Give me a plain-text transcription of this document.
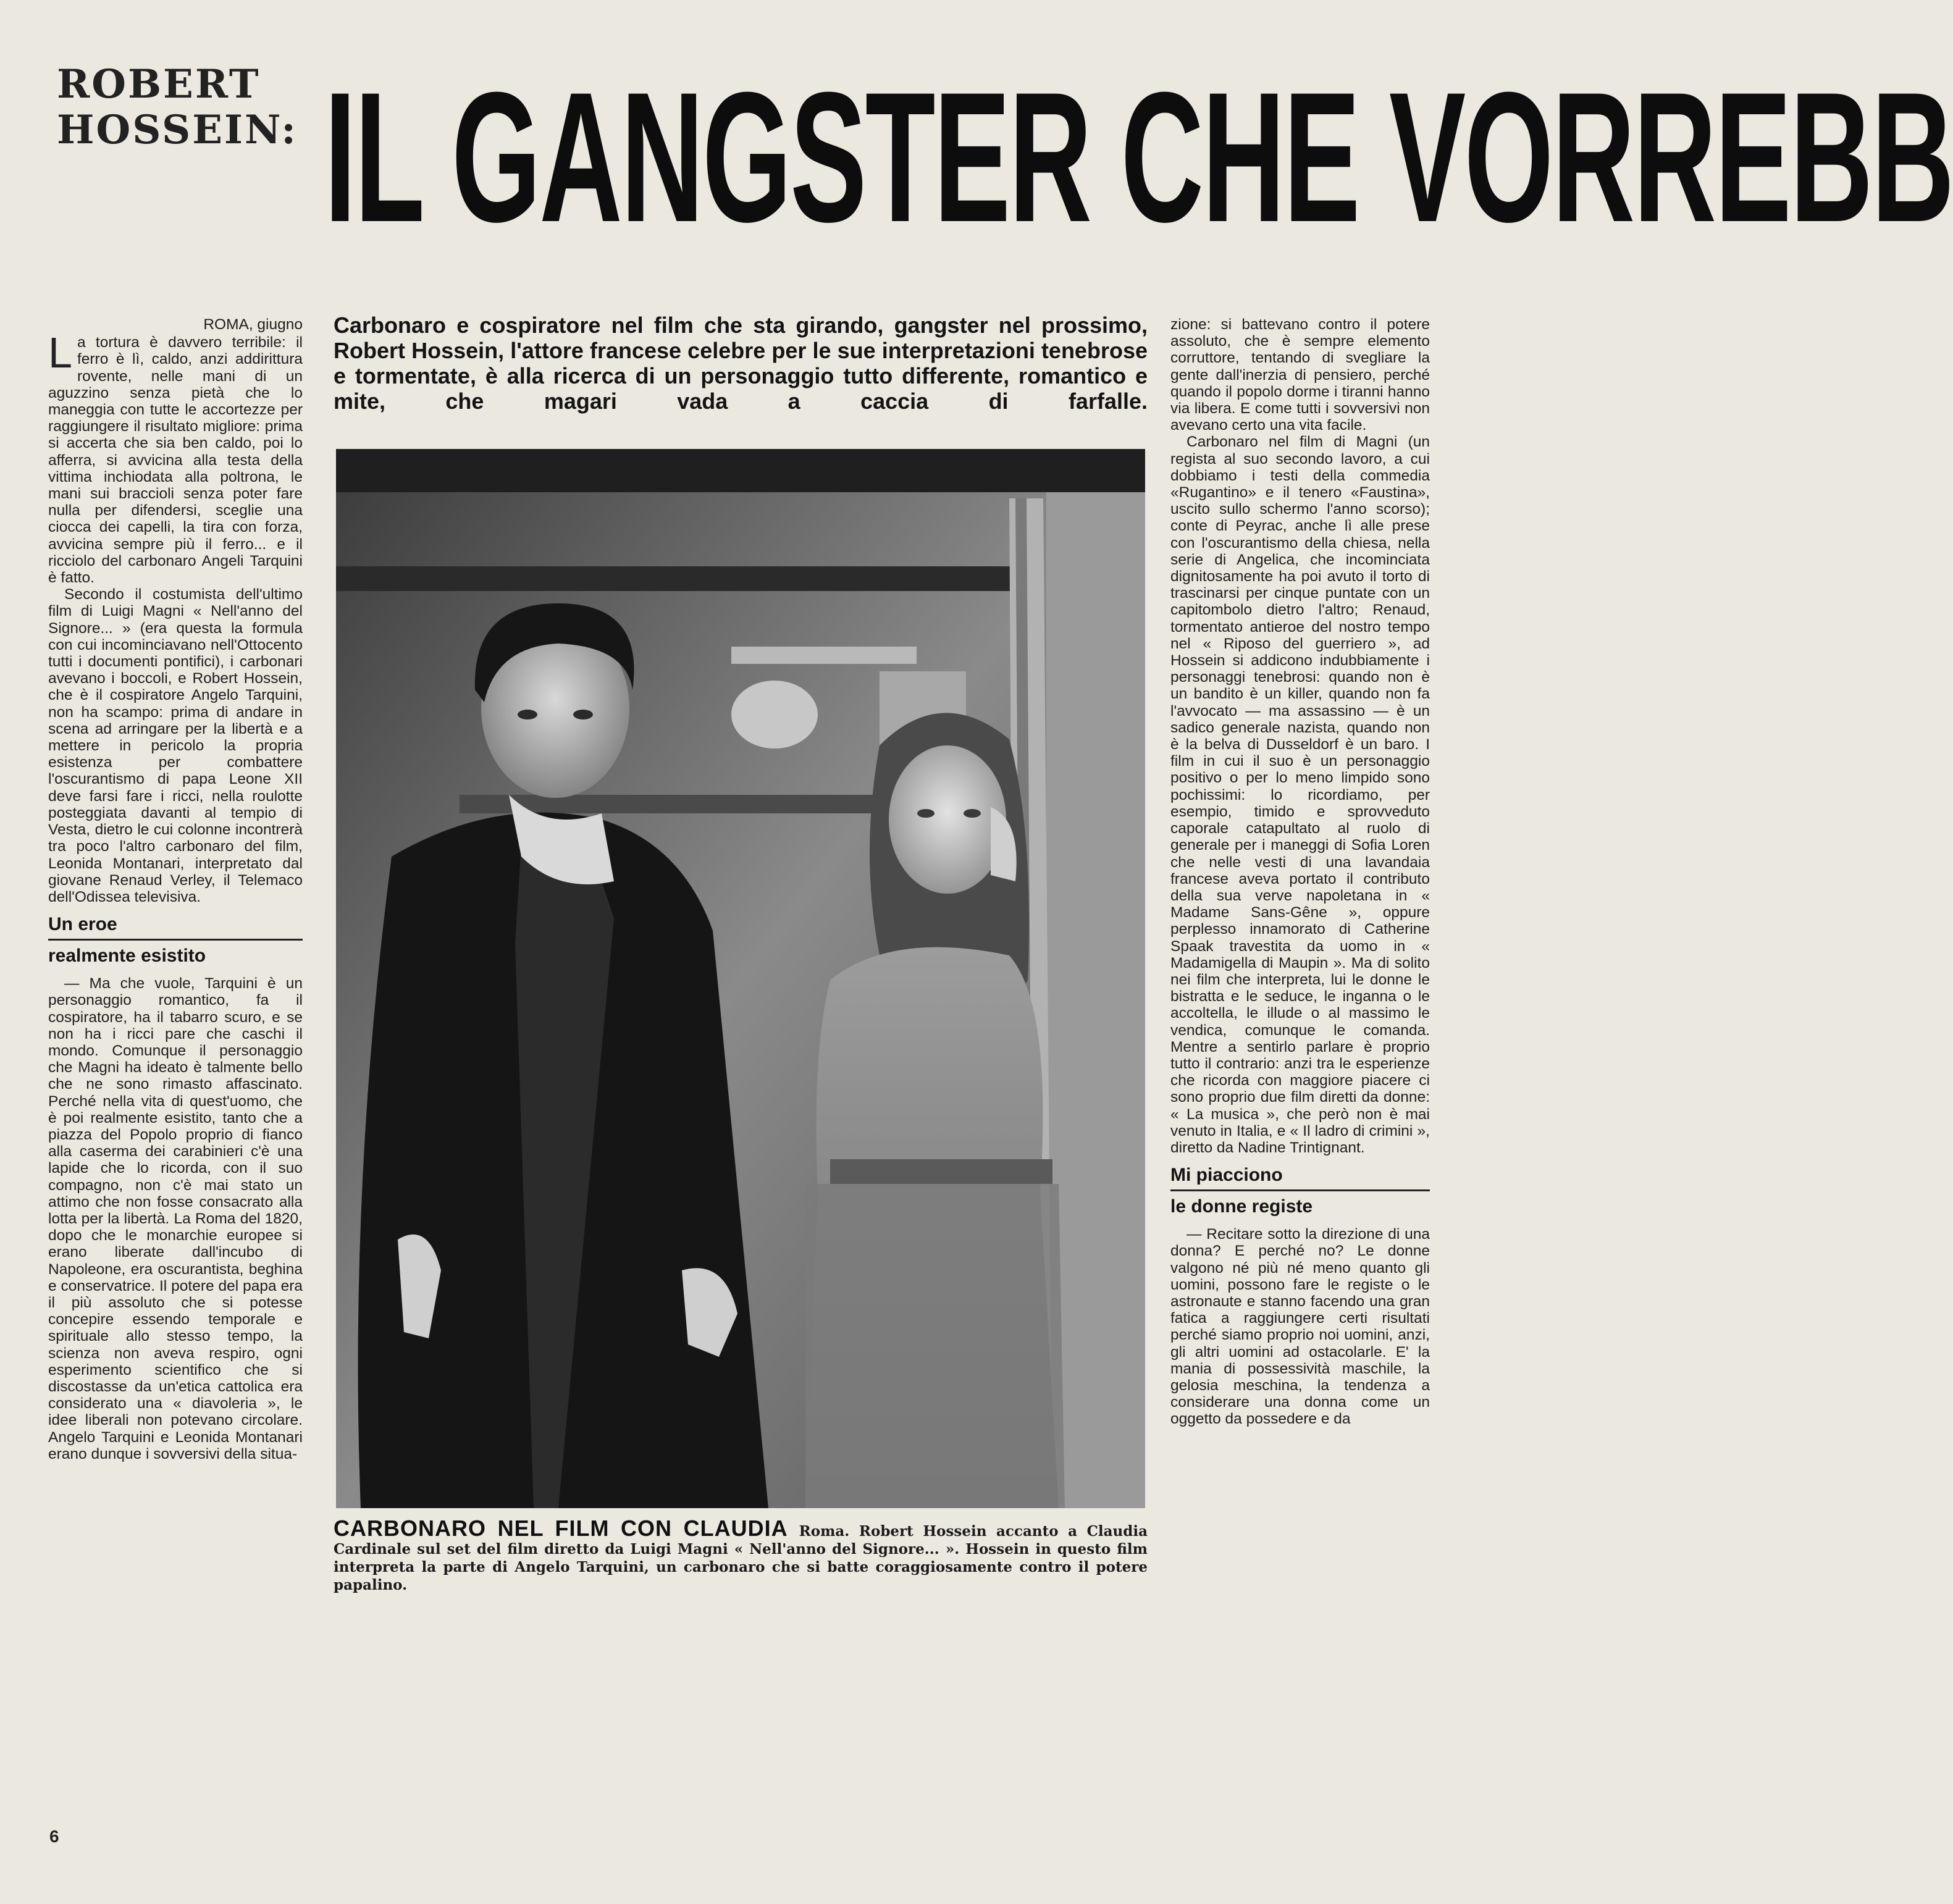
ROBERT
HOSSEIN: IL GANGSTER CHE VORREBB

ROMA, giugno

La tortura è davvero terribile: il ferro è lì, caldo, anzi addirittura rovente, nelle mani di un aguzzino senza pietà che lo maneggia con tutte le accortezze per raggiungere il risultato migliore: prima si accerta che sia ben caldo, poi lo afferra, si avvicina alla testa della vittima inchiodata alla poltrona, le mani sui braccioli senza poter fare nulla per difendersi, sceglie una ciocca dei capelli, la tira con forza, avvicina sempre più il ferro... e il ricciolo del carbonaro Angeli Tarquini è fatto.

Secondo il costumista dell'ultimo film di Luigi Magni « Nell'anno del Signore... » (era questa la formula con cui incominciavano nell'Ottocento tutti i documenti pontifici), i carbonari avevano i boccoli, e Robert Hossein, che è il cospiratore Angelo Tarquini, non ha scampo: prima di andare in scena ad arringare per la libertà e a mettere in pericolo la propria esistenza per combattere l'oscurantismo di papa Leone XII deve farsi fare i ricci, nella roulotte posteggiata davanti al tempio di Vesta, dietro le cui colonne incontrerà tra poco l'altro carbonaro del film, Leonida Montanari, interpretato dal giovane Renaud Verley, il Telemaco dell'Odissea televisiva.

Un eroe
realmente esistito

— Ma che vuole, Tarquini è un personaggio romantico, fa il cospiratore, ha il tabarro scuro, e se non ha i ricci pare che caschi il mondo. Comunque il personaggio che Magni ha ideato è talmente bello che ne sono rimasto affascinato. Perché nella vita di quest'uomo, che è poi realmente esistito, tanto che a piazza del Popolo proprio di fianco alla caserma dei carabinieri c'è una lapide che lo ricorda, con il suo compagno, non c'è mai stato un attimo che non fosse consacrato alla lotta per la libertà. La Roma del 1820, dopo che le monarchie europee si erano liberate dall'incubo di Napoleone, era oscurantista, beghina e conservatrice. Il potere del papa era il più assoluto che si potesse concepire essendo temporale e spirituale allo stesso tempo, la scienza non aveva respiro, ogni esperimento scientifico che si discostasse da un'etica cattolica era considerato una « diavoleria », le idee liberali non potevano circolare. Angelo Tarquini e Leonida Montanari erano dunque i sovversivi della situa-

Carbonaro e cospiratore nel film che sta girando, gangster nel prossimo, Robert Hossein, l'attore francese celebre per le sue interpretazioni tenebrose e tormentate, è alla ricerca di un personaggio tutto differente, romantico e mite, che magari vada a caccia di farfalle.
CARBONARO NEL FILM CON CLAUDIA Roma. Robert Hossein accanto a Claudia Cardinale sul set del film diretto da Luigi Magni « Nell'anno del Signore... ». Hossein in questo film interpreta la parte di Angelo Tarquini, un carbonaro che si batte coraggiosamente contro il potere papalino.

zione: si battevano contro il potere assoluto, che è sempre elemento corruttore, tentando di svegliare la gente dall'inerzia di pensiero, perché quando il popolo dorme i tiranni hanno via libera. E come tutti i sovversivi non avevano certo una vita facile.

Carbonaro nel film di Magni (un regista al suo secondo lavoro, a cui dobbiamo i testi della commedia «Rugantino» e il tenero «Faustina», uscito sullo schermo l'anno scorso); conte di Peyrac, anche lì alle prese con l'oscurantismo della chiesa, nella serie di Angelica, che incominciata dignitosamente ha poi avuto il torto di trascinarsi per cinque puntate con un capitombolo dietro l'altro; Renaud, tormentato antieroe del nostro tempo nel « Riposo del guerriero », ad Hossein si addicono indubbiamente i personaggi tenebrosi: quando non è un bandito è un killer, quando non fa l'avvocato — ma assassino — è un sadico generale nazista, quando non è la belva di Dusseldorf è un baro. I film in cui il suo è un personaggio positivo o per lo meno limpido sono pochissimi: lo ricordiamo, per esempio, timido e sprovveduto caporale catapultato al ruolo di generale per i maneggi di Sofia Loren che nelle vesti di una lavandaia francese aveva portato il contributo della sua verve napoletana in « Madame Sans-Gêne », oppure perplesso innamorato di Catherine Spaak travestita da uomo in « Madamigella di Maupin ». Ma di solito nei film che interpreta, lui le donne le bistratta e le seduce, le inganna o le accoltella, le illude o al massimo le vendica, comunque le comanda. Mentre a sentirlo parlare è proprio tutto il contrario: anzi tra le esperienze che ricorda con maggiore piacere ci sono proprio due film diretti da donne: « La musica », che però non è mai venuto in Italia, e « Il ladro di crimini », diretto da Nadine Trintignant.

Mi piacciono
le donne registe

— Recitare sotto la direzione di una donna? E perché no? Le donne valgono né più né meno quanto gli uomini, possono fare le registe o le astronaute e stanno facendo una gran fatica a raggiungere certi risultati perché siamo proprio noi uomini, anzi, gli altri uomini ad ostacolarle. E' la mania di possessività maschile, la gelosia meschina, la tendenza a considerare una donna come un oggetto da possedere e da

6
